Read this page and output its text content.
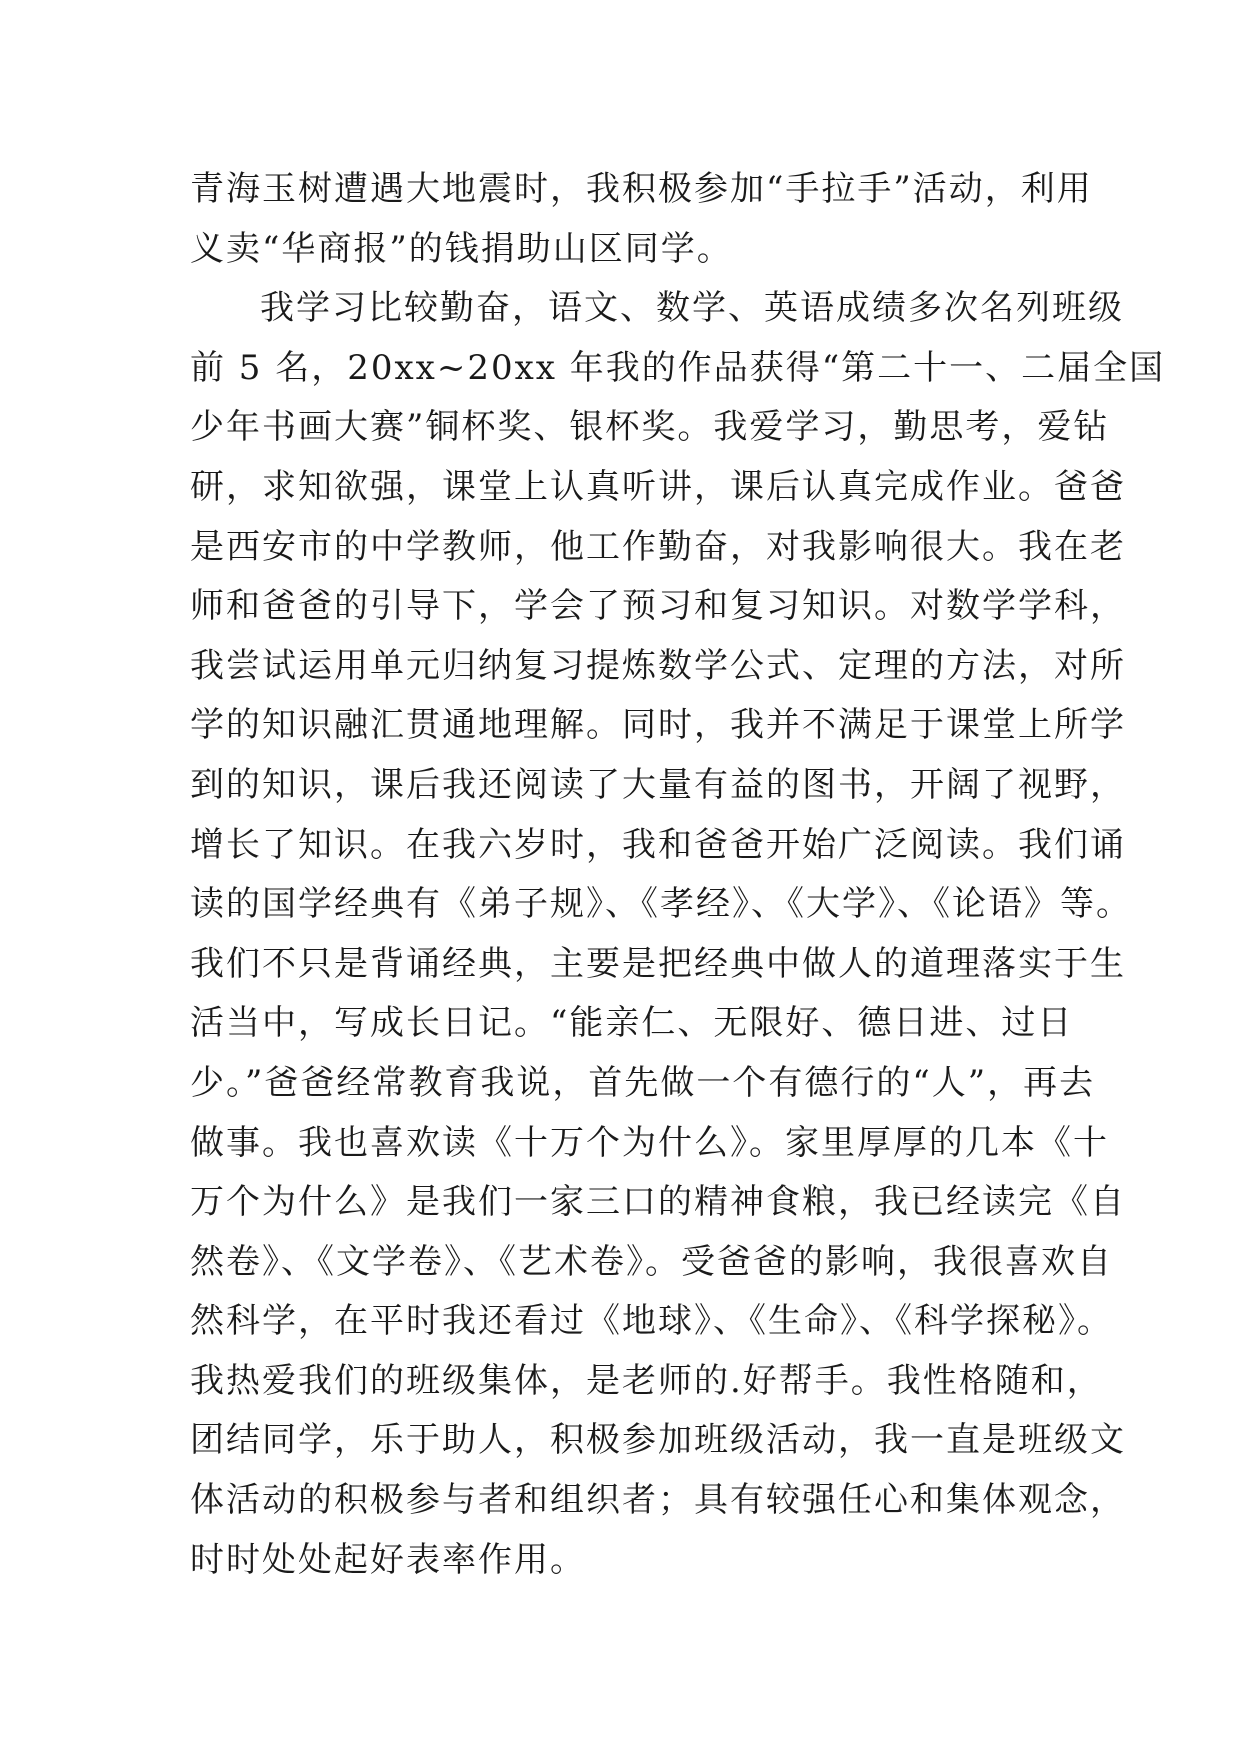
青海玉树遭遇大地震时，我积极参加“手拉手”活动，利用
义卖“华商报”的钱捐助山区同学。
我学习比较勤奋，语文、数学、英语成绩多次名列班级
前 5 名，20xx~20xx 年我的作品获得“第二十一、二届全国
少年书画大赛”铜杯奖、银杯奖。我爱学习，勤思考，爱钻
研，求知欲强，课堂上认真听讲，课后认真完成作业。爸爸
是西安市的中学教师，他工作勤奋，对我影响很大。我在老
师和爸爸的引导下，学会了预习和复习知识。对数学学科，
我尝试运用单元归纳复习提炼数学公式、定理的方法，对所
学的知识融汇贯通地理解。同时，我并不满足于课堂上所学
到的知识，课后我还阅读了大量有益的图书，开阔了视野，
增长了知识。在我六岁时，我和爸爸开始广泛阅读。我们诵
读的国学经典有《弟子规》、《孝经》、《大学》、《论语》等。
我们不只是背诵经典，主要是把经典中做人的道理落实于生
活当中，写成长日记。“能亲仁、无限好、德日进、过日
少。”爸爸经常教育我说，首先做一个有德行的“人”，再去
做事。我也喜欢读《十万个为什么》。家里厚厚的几本《十
万个为什么》是我们一家三口的精神食粮，我已经读完《自
然卷》、《文学卷》、《艺术卷》。受爸爸的影响，我很喜欢自
然科学，在平时我还看过《地球》、《生命》、《科学探秘》。
我热爱我们的班级集体，是老师的.好帮手。我性格随和，
团结同学，乐于助人，积极参加班级活动，我一直是班级文
体活动的积极参与者和组织者；具有较强任心和集体观念，
时时处处起好表率作用。
